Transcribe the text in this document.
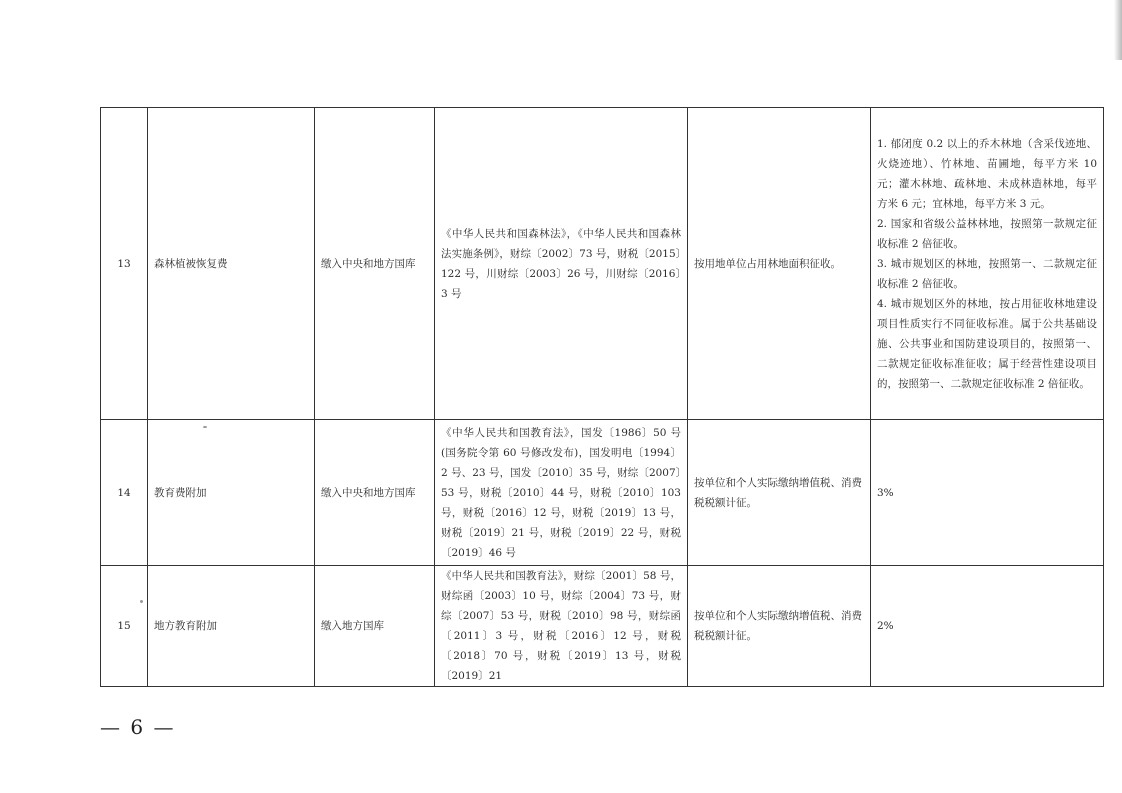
13	森林植被恢复费	缴入中央和地方国库	《中华人民共和国森林法》，《中华人民共和国森林法实施条例》，财综〔2002〕73 号，财税〔2015〕122 号，川财综〔2003〕26 号，川财综〔2016〕3 号	按用地单位占用林地面积征收。	1. 郁闭度 0.2 以上的乔木林地（含采伐迹地、火烧迹地）、竹林地、苗圃地，每平方米 10 元；灌木林地、疏林地、未成林造林地，每平方米 6 元；宜林地，每平方米 3 元。
2. 国家和省级公益林林地，按照第一款规定征收标准 2 倍征收。
3. 城市规划区的林地，按照第一、二款规定征收标准 2 倍征收。
4. 城市规划区外的林地，按占用征收林地建设项目性质实行不同征收标准。属于公共基础设施、公共事业和国防建设项目的，按照第一、二款规定征收标准征收；属于经营性建设项目的，按照第一、二款规定征收标准 2 倍征收。

14	教育费附加	缴入中央和地方国库	《中华人民共和国教育法》，国发〔1986〕50 号(国务院令第 60 号修改发布)，国发明电〔1994〕2 号、23 号，国发〔2010〕35 号，财综〔2007〕53 号，财税〔2010〕44 号，财税〔2010〕103 号，财税〔2016〕12 号，财税〔2019〕13 号，财税〔2019〕21 号，财税〔2019〕22 号，财税〔2019〕46 号	按单位和个人实际缴纳增值税、消费税税额计征。	3%

15	地方教育附加	缴入地方国库	《中华人民共和国教育法》，财综〔2001〕58 号，财综函〔2003〕10 号，财综〔2004〕73 号，财综〔2007〕53 号，财税〔2010〕98 号，财综函〔2011〕3 号，财税〔2016〕12 号，财税〔2018〕70 号，财税〔2019〕13 号，财税〔2019〕21	按单位和个人实际缴纳增值税、消费税税额计征。	2%
— 6 —
